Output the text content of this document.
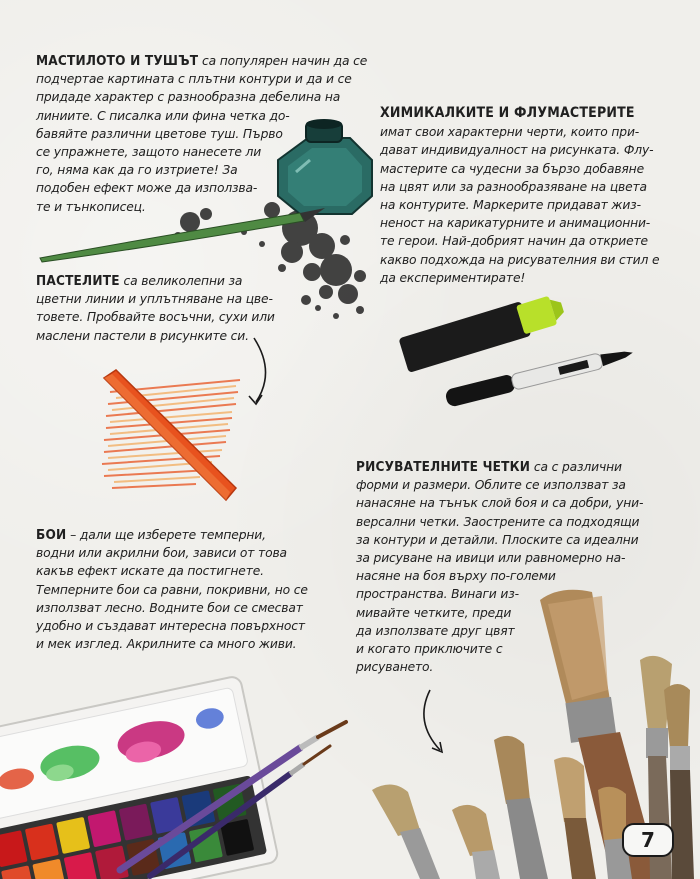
МАСТИЛОТО И ТУШЪТ са популярен начин да се
подчертае картината с плътни контури и да и се
придаде характер с разнообразна дебелина на
линиите. С писалка или фина четка до-
бавяйте различни цветове туш. Първо
се упражнете, защото нанесете ли
го, няма как да го изтриете! За
подобен ефект може да използва-
те и тънкописец.
ХИМИКАЛКИТЕ И ФЛУМАСТЕРИТЕ
имат свои характерни черти, които при-
дават индивидуалност на рисунката. Флу-
мастерите са чудесни за бързо добавяне
на цвят или за разнообразяване на цвета
на контурите. Маркерите придават жиз-
неност на карикатурните и анимационни-
те герои. Най-добрият начин да откриете
какво подхожда на рисувателния ви стил е
да експериментирате!
ПАСТЕЛИТЕ са великолепни за
цветни линии и уплътняване на цве-
товете. Пробвайте восъчни, сухи или
маслени пастели в рисунките си.
БОИ – дали ще изберете темперни,
водни или акрилни бои, зависи от това
какъв ефект искате да постигнете.
Темперните бои са равни, покривни, но се
използват лесно. Водните бои се смесват
удобно и създават интересна повърхност
и мек изглед. Акрилните са много живи.
РИСУВАТЕЛНИТЕ ЧЕТКИ са с различни
форми и размери. Облите се използват за
нанасяне на тънък слой боя и са добри, уни-
версални четки. Заострените са подходящи
за контури и детайли. Плоските са идеални
за рисуване на ивици или равномерно на-
насяне на боя върху по-големи
пространства. Винаги из-
мивайте четките, преди
да използвате друг цвят
и когато приключите с
рисуването.
7
